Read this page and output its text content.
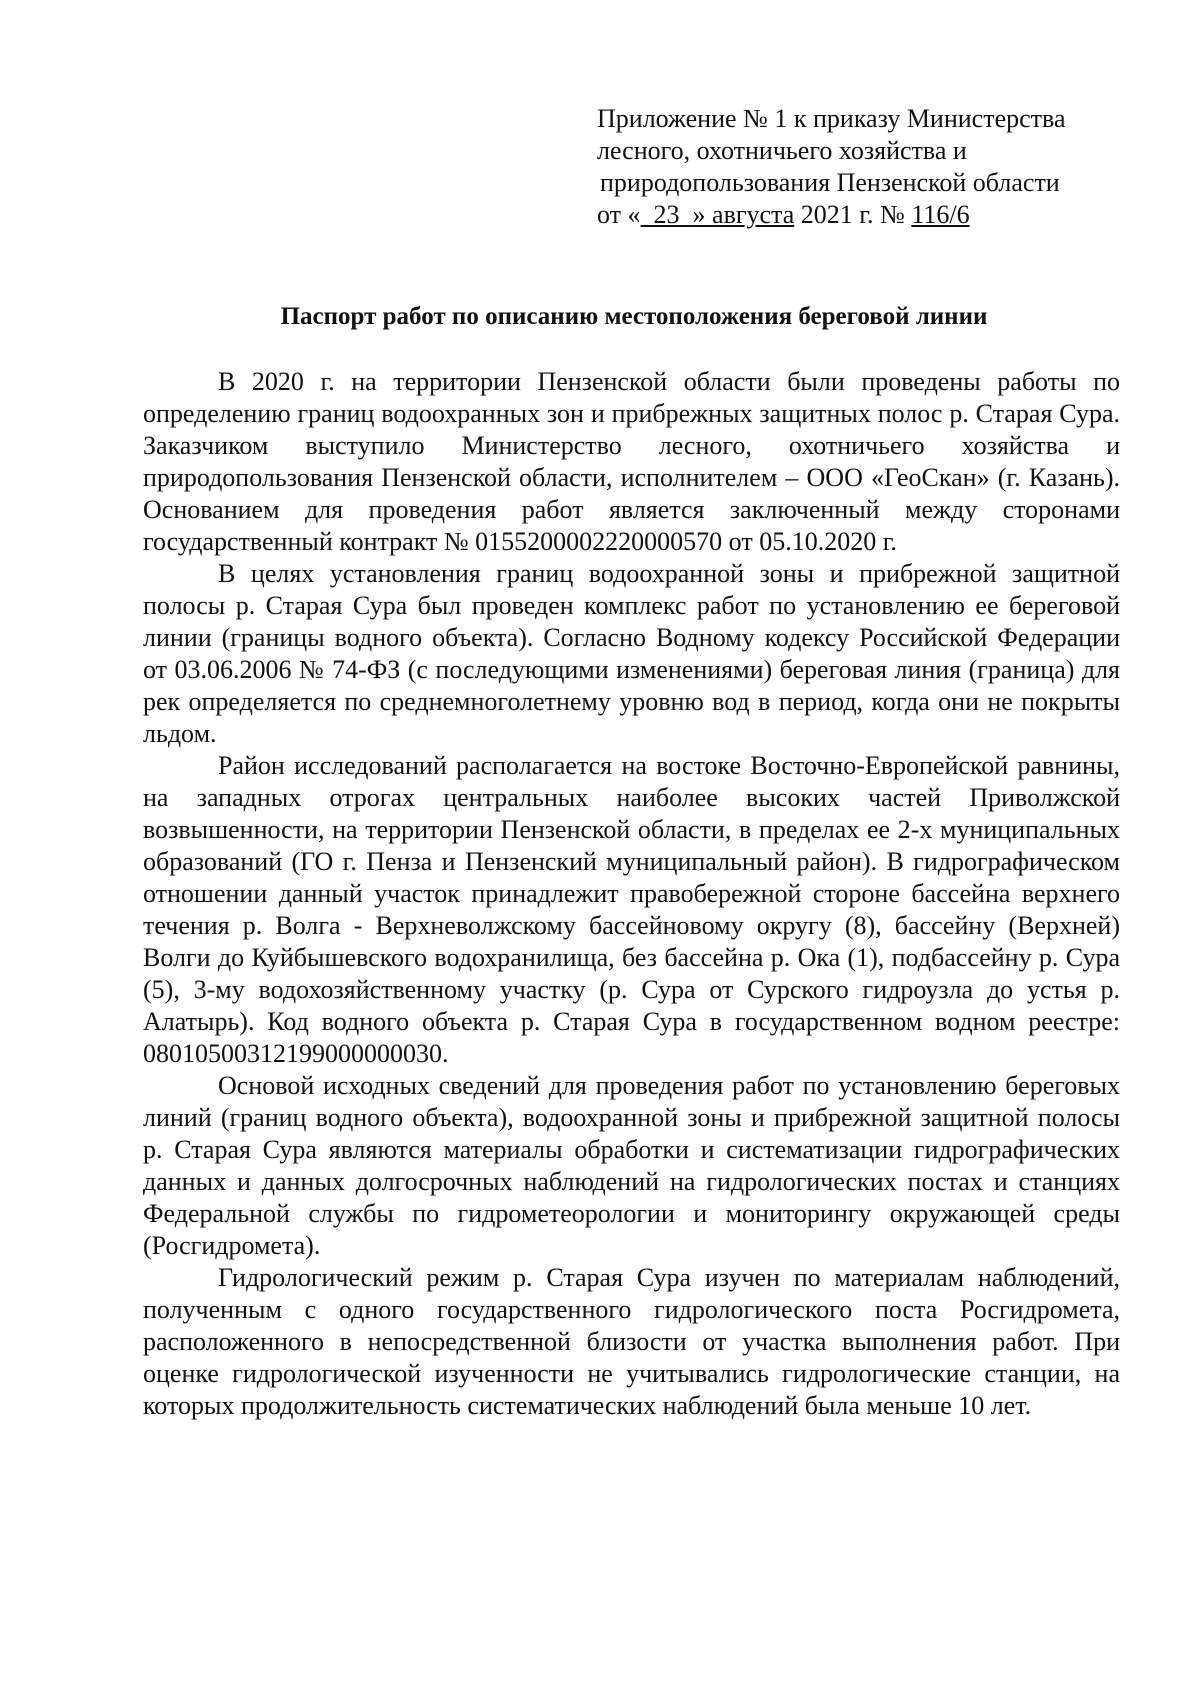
Приложение № 1 к приказу Министерства
лесного, охотничьего хозяйства и
природопользования Пензенской области
от «  23  » августа 2021 г. № 116/6
Паспорт работ по описанию местоположения береговой линии

В 2020 г. на территории Пензенской области были проведены работы по определению границ водоохранных зон и прибрежных защитных полос р. Старая Сура. Заказчиком выступило Министерство лесного, охотничьего хозяйства и природопользования Пензенской области, исполнителем – ООО «ГеоСкан» (г. Казань). Основанием для проведения работ является заключенный между сторонами государственный контракт № 0155200002220000570 от 05.10.2020 г.

В целях установления границ водоохранной зоны и прибрежной защитной полосы р. Старая Сура был проведен комплекс работ по установлению ее береговой линии (границы водного объекта). Согласно Водному кодексу Российской Федерации от 03.06.2006 № 74-ФЗ (с последующими изменениями) береговая линия (граница) для рек определяется по среднемноголетнему уровню вод в период, когда они не покрыты льдом.

Район исследований располагается на востоке Восточно-Европейской равнины, на западных отрогах центральных наиболее высоких частей Приволжской возвышенности, на территории Пензенской области, в пределах ее 2-х муниципальных образований (ГО г. Пенза и Пензенский муниципальный район). В гидрографическом отношении данный участок принадлежит правобережной стороне бассейна верхнего течения р. Волга - Верхневолжскому бассейновому округу (8), бассейну (Верхней) Волги до Куйбышевского водохранилища, без бассейна р. Ока (1), подбассейну р. Сура (5), 3-му водохозяйственному участку (р. Сура от Сурского гидроузла до устья р. Алатырь). Код водного объекта р. Старая Сура в государственном водном реестре: 08010500312199000000030.

Основой исходных сведений для проведения работ по установлению береговых линий (границ водного объекта), водоохранной зоны и прибрежной защитной полосы р. Старая Сура являются материалы обработки и систематизации гидрографических данных и данных долгосрочных наблюдений на гидрологических постах и станциях Федеральной службы по гидрометеорологии и мониторингу окружающей среды (Росгидромета).

Гидрологический режим р. Старая Сура изучен по материалам наблюдений, полученным с одного государственного гидрологического поста Росгидромета, расположенного в непосредственной близости от участка выполнения работ. При оценке гидрологической изученности не учитывались гидрологические станции, на которых продолжительность систематических наблюдений была меньше 10 лет.
